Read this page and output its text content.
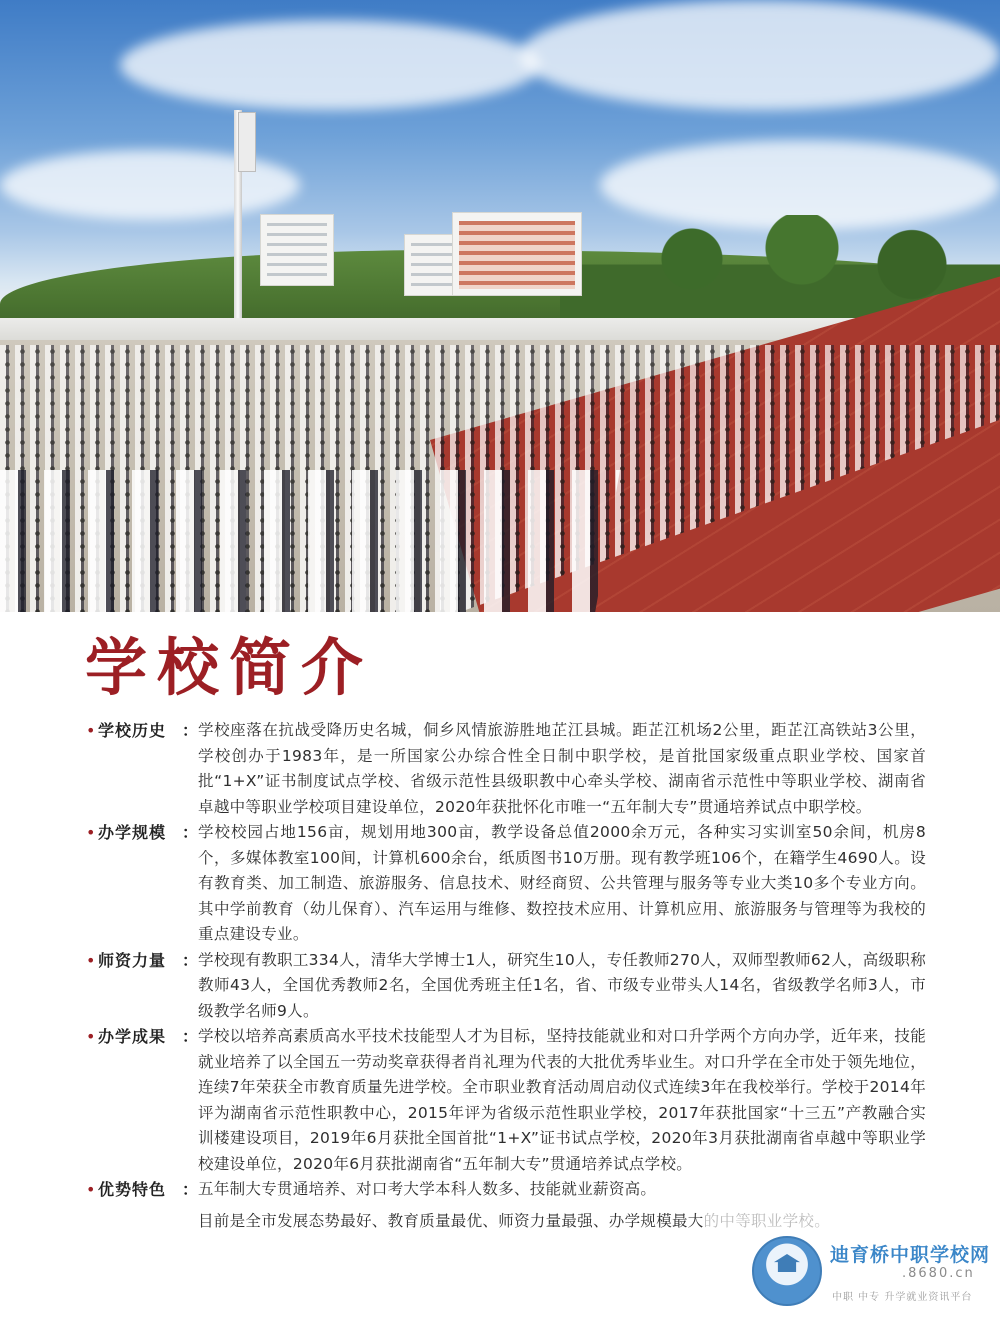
学校简介
• 学校历史 ： 学校座落在抗战受降历史名城，侗乡风情旅游胜地芷江县城。距芷江机场2公里，距芷江高铁站3公里，学校创办于1983年，是一所国家公办综合性全日制中职学校，是首批国家级重点职业学校、国家首批“1+X”证书制度试点学校、省级示范性县级职教中心牵头学校、湖南省示范性中等职业学校、湖南省卓越中等职业学校项目建设单位，2020年获批怀化市唯一“五年制大专”贯通培养试点中职学校。
• 办学规模 ： 学校校园占地156亩，规划用地300亩，教学设备总值2000余万元，各种实习实训室50余间，机房8个，多媒体教室100间，计算机600余台，纸质图书10万册。现有教学班106个，在籍学生4690人。设有教育类、加工制造、旅游服务、信息技术、财经商贸、公共管理与服务等专业大类10多个专业方向。其中学前教育（幼儿保育）、汽车运用与维修、数控技术应用、计算机应用、旅游服务与管理等为我校的重点建设专业。
• 师资力量 ： 学校现有教职工334人，清华大学博士1人，研究生10人，专任教师270人，双师型教师62人，高级职称教师43人，全国优秀教师2名，全国优秀班主任1名，省、市级专业带头人14名，省级教学名师3人，市级教学名师9人。
• 办学成果 ： 学校以培养高素质高水平技术技能型人才为目标，坚持技能就业和对口升学两个方向办学，近年来，技能就业培养了以全国五一劳动奖章获得者肖礼理为代表的大批优秀毕业生。对口升学在全市处于领先地位，连续7年荣获全市教育质量先进学校。全市职业教育活动周启动仪式连续3年在我校举行。学校于2014年评为湖南省示范性职教中心，2015年评为省级示范性职业学校，2017年获批国家“十三五”产教融合实训楼建设项目，2019年6月获批全国首批“1+X”证书试点学校，2020年3月获批湖南省卓越中等职业学校建设单位，2020年6月获批湖南省“五年制大专”贯通培养试点学校。
• 优势特色 ： 五年制大专贯通培养、对口考大学本科人数多、技能就业薪资高。
目前是全市发展态势最好、教育质量最优、师资力量最强、办学规模最大的中等职业学校。
迪育桥中职学校网
.8680.cn
中职 中专 升学就业资讯平台
